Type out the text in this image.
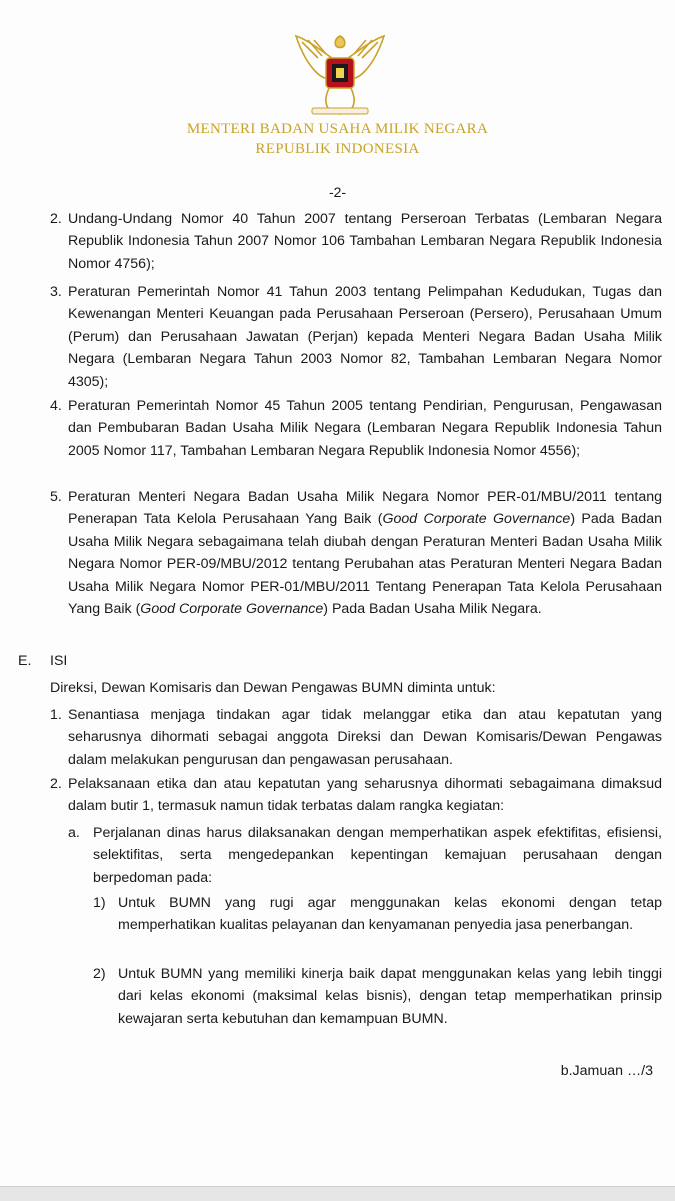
MENTERI BADAN USAHA MILIK NEGARA
REPUBLIK INDONESIA
-2-
2. Undang-Undang Nomor 40 Tahun 2007 tentang Perseroan Terbatas (Lembaran Negara Republik Indonesia Tahun 2007 Nomor 106 Tambahan Lembaran Negara Republik Indonesia Nomor 4756);
3. Peraturan Pemerintah Nomor 41 Tahun 2003 tentang Pelimpahan Kedudukan, Tugas dan Kewenangan Menteri Keuangan pada Perusahaan Perseroan (Persero), Perusahaan Umum (Perum) dan Perusahaan Jawatan (Perjan) kepada Menteri Negara Badan Usaha Milik Negara (Lembaran Negara Tahun 2003 Nomor 82, Tambahan Lembaran Negara Nomor 4305);
4. Peraturan Pemerintah Nomor 45 Tahun 2005 tentang Pendirian, Pengurusan, Pengawasan dan Pembubaran Badan Usaha Milik Negara (Lembaran Negara Republik Indonesia Tahun 2005 Nomor 117, Tambahan Lembaran Negara Republik Indonesia Nomor 4556);
5. Peraturan Menteri Negara Badan Usaha Milik Negara Nomor PER-01/MBU/2011 tentang Penerapan Tata Kelola Perusahaan Yang Baik (Good Corporate Governance) Pada Badan Usaha Milik Negara sebagaimana telah diubah dengan Peraturan Menteri Badan Usaha Milik Negara Nomor PER-09/MBU/2012 tentang Perubahan atas Peraturan Menteri Negara Badan Usaha Milik Negara Nomor PER-01/MBU/2011 Tentang Penerapan Tata Kelola Perusahaan Yang Baik (Good Corporate Governance) Pada Badan Usaha Milik Negara.
E. ISI
Direksi, Dewan Komisaris dan Dewan Pengawas BUMN diminta untuk:
1. Senantiasa menjaga tindakan agar tidak melanggar etika dan atau kepatutan yang seharusnya dihormati sebagai anggota Direksi dan Dewan Komisaris/Dewan Pengawas dalam melakukan pengurusan dan pengawasan perusahaan.
2. Pelaksanaan etika dan atau kepatutan yang seharusnya dihormati sebagaimana dimaksud dalam butir 1, termasuk namun tidak terbatas dalam rangka kegiatan:
a. Perjalanan dinas harus dilaksanakan dengan memperhatikan aspek efektifitas, efisiensi, selektifitas, serta mengedepankan kepentingan kemajuan perusahaan dengan berpedoman pada:
1) Untuk BUMN yang rugi agar menggunakan kelas ekonomi dengan tetap memperhatikan kualitas pelayanan dan kenyamanan penyedia jasa penerbangan.
2) Untuk BUMN yang memiliki kinerja baik dapat menggunakan kelas yang lebih tinggi dari kelas ekonomi (maksimal kelas bisnis), dengan tetap memperhatikan prinsip kewajaran serta kebutuhan dan kemampuan BUMN.
b.Jamuan …/3
